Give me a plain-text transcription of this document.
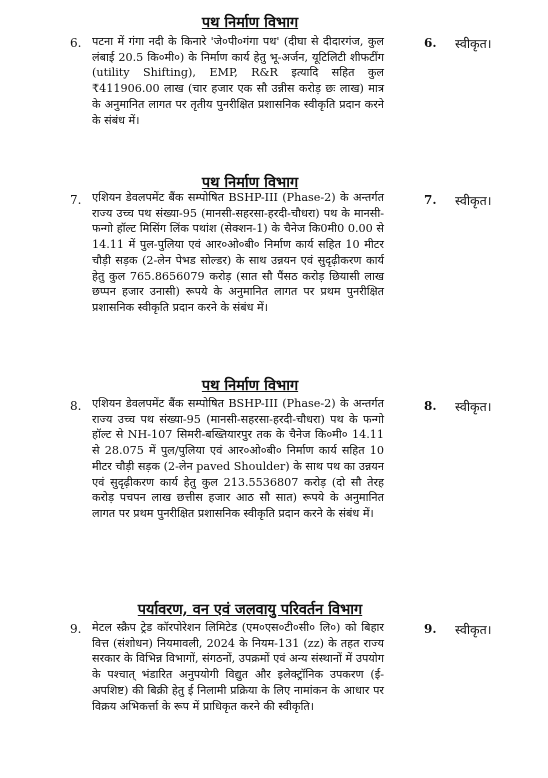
पथ निर्माण विभाग
6. पटना में गंगा नदी के किनारे 'जे०पी०गंगा पथ' (दीघा से दीदारगंज, कुल लंबाई 20.5 कि०मी०) के निर्माण कार्य हेतु भू-अर्जन, यूटिलिटी शीफटींग (utility Shifting), EMP, R&R इत्यादि सहित कुल ₹411906.00 लाख (चार हजार एक सौ उन्नीस करोड़ छः लाख) मात्र के अनुमानित लागत पर तृतीय पुनरीक्षित प्रशासनिक स्वीकृति प्रदान करने के संबंध में।
6. स्वीकृत।
पथ निर्माण विभाग
7. एशियन डेवलपमेंट बैंक सम्पोषित BSHP-III (Phase-2) के अन्तर्गत राज्य उच्च पथ संख्या-95 (मानसी-सहरसा-हरदी-चौधरा) पथ के मानसी-फन्गो हॉल्ट मिसिंग लिंक पथांश (सेक्शन-1) के चैनेज कि0मी0 0.00 से 14.11 में पुल-पुलिया एवं आर०ओ०बी० निर्माण कार्य सहित 10 मीटर चौड़ी सड़क (2-लेन पेभड सोल्डर) के साथ उन्नयन एवं सुदृढ़ीकरण कार्य हेतु कुल 765.8656079 करोड़ (सात सौ पैंसठ करोड़ छियासी लाख छप्पन हजार उनासी) रूपये के अनुमानित लागत पर प्रथम पुनरीक्षित प्रशासनिक स्वीकृति प्रदान करने के संबंध में।
7. स्वीकृत।
पथ निर्माण विभाग
8. एशियन डेवलपमेंट बैंक सम्पोषित BSHP-III (Phase-2) के अन्तर्गत राज्य उच्च पथ संख्या-95 (मानसी-सहरसा-हरदी-चौधरा) पथ के फन्गो हॉल्ट से NH-107 सिमरी-बख्तियारपुर तक के चैनेज कि०मी० 14.11 से 28.075 में पुल/पुलिया एवं आर०ओ०बी० निर्माण कार्य सहित 10 मीटर चौड़ी सड़क (2-लेन paved Shoulder) के साथ पथ का उन्नयन एवं सुदृढ़ीकरण कार्य हेतु कुल 213.5536807 करोड़ (दो सौ तेरह करोड़ पचपन लाख छत्तीस हजार आठ सौ सात) रूपये के अनुमानित लागत पर प्रथम पुनरीक्षित प्रशासनिक स्वीकृति प्रदान करने के संबंध में।
8. स्वीकृत।
पर्यावरण, वन एवं जलवायु परिवर्तन विभाग
9. मेटल स्क्रैप ट्रेड कॉरपोरेशन लिमिटेड (एम०एस०टी०सी० लि०) को बिहार वित्त (संशोधन) नियमावली, 2024 के नियम-131 (zz) के तहत राज्य सरकार के विभिन्न विभागों, संगठनों, उपक्रमों एवं अन्य संस्थानों में उपयोग के पश्चात् भंडारित अनुपयोगी विद्युत और इलेक्ट्रॉनिक उपकरण (ई-अपशिष्ट) की बिक्री हेतु ई निलामी प्रक्रिया के लिए नामांकन के आधार पर विक्रय अभिकर्त्ता के रूप में प्राधिकृत करने की स्वीकृति।
9. स्वीकृत।
